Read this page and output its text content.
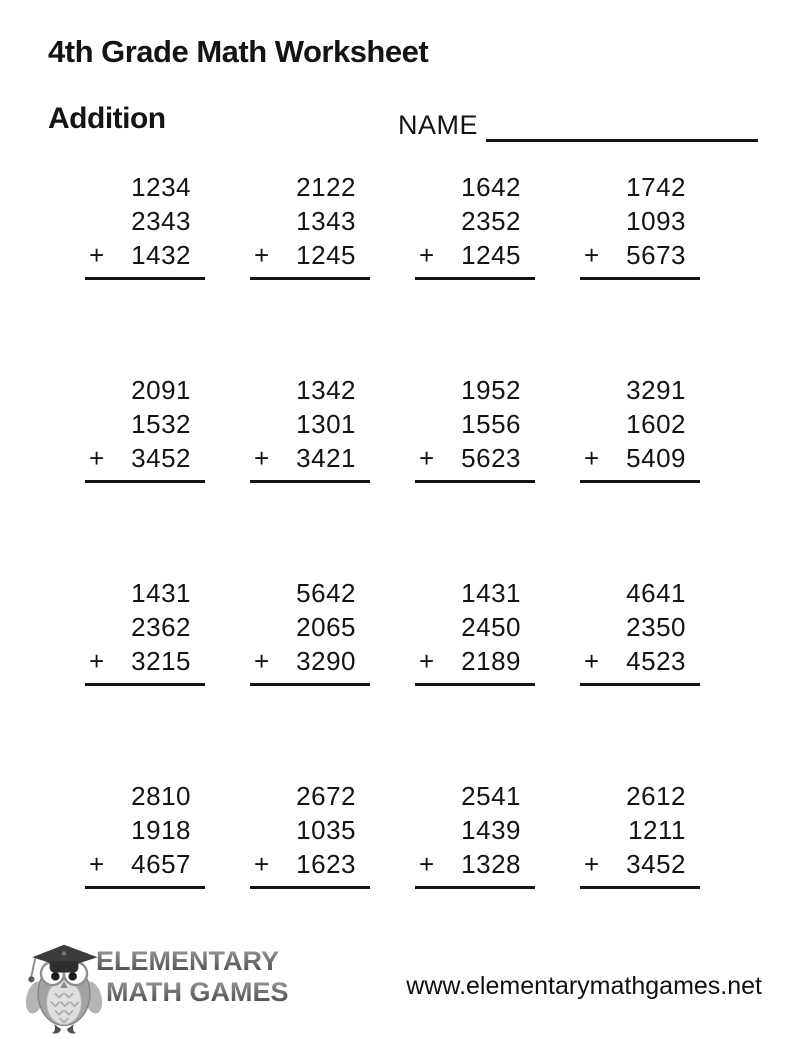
4th Grade Math Worksheet
Addition	NAME
1234
2343
+	1432
2122
1343
+	1245
1642
2352
+	1245
1742
1093
+	5673
2091
1532
+	3452
1342
1301
+	3421
1952
1556
+	5623
3291
1602
+	5409
1431
2362
+	3215
5642
2065
+	3290
1431
2450
+	2189
4641
2350
+	4523
2810
1918
+	4657
2672
1035
+	1623
2541
1439
+	1328
2612
1211
+	3452
ELEMENTARY
MATH GAMES	www.elementarymathgames.net
